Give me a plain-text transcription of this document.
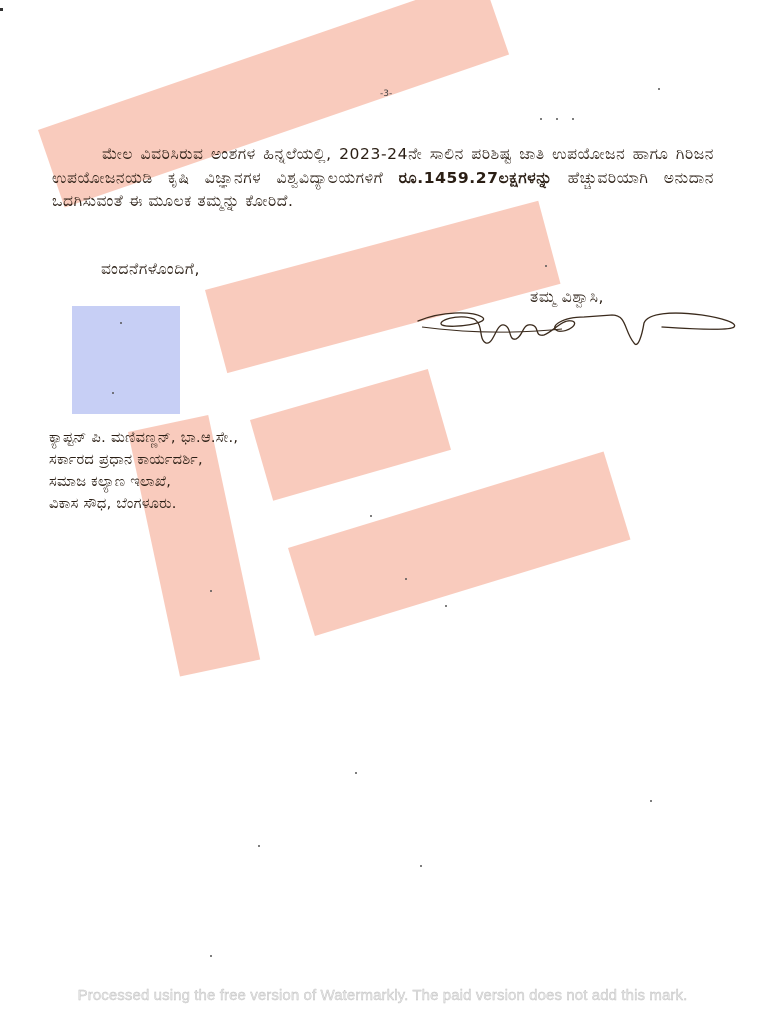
-3-

ಮೇಲ ವಿವರಿಸಿರುವ ಅಂಶಗಳ ಹಿನ್ನಲೆಯಲ್ಲಿ, 2023-24ನೇ ಸಾಲಿನ ಪರಿಶಿಷ್ಟ ಜಾತಿ ಉಪಯೋಜನ ಹಾಗೂ ಗಿರಿಜನ ಉಪಯೋಜನಯಡಿ ಕೃಷಿ ವಿಜ್ಞಾನಗಳ ವಿಶ್ವವಿದ್ಯಾಲಯಗಳಿಗೆ ರೂ.1459.27ಲಕ್ಷಗಳನ್ನು ಹೆಚ್ಚುವರಿಯಾಗಿ ಅನುದಾನ ಒದಗಿಸುವಂತೆ ಈ ಮೂಲಕ ತಮ್ಮನ್ನು ಕೋರಿದೆ.

ವಂದನೆಗಳೊಂದಿಗೆ,
ತಮ್ಮ ವಿಶ್ವಾಸಿ,
ಕ್ಯಾಪ್ಟನ್ ಪಿ. ಮಣಿವಣ್ಣನ್, ಭಾ.ಆ.ಸೇ.,
ಸರ್ಕಾರದ ಪ್ರಧಾನ ಕಾರ್ಯದರ್ಶಿ,
ಸಮಾಜ ಕಲ್ಯಾಣ ಇಲಾಖೆ,
ವಿಕಾಸ ಸೌಧ, ಬೆಂಗಳೂರು.
Processed using the free version of Watermarkly. The paid version does not add this mark.
